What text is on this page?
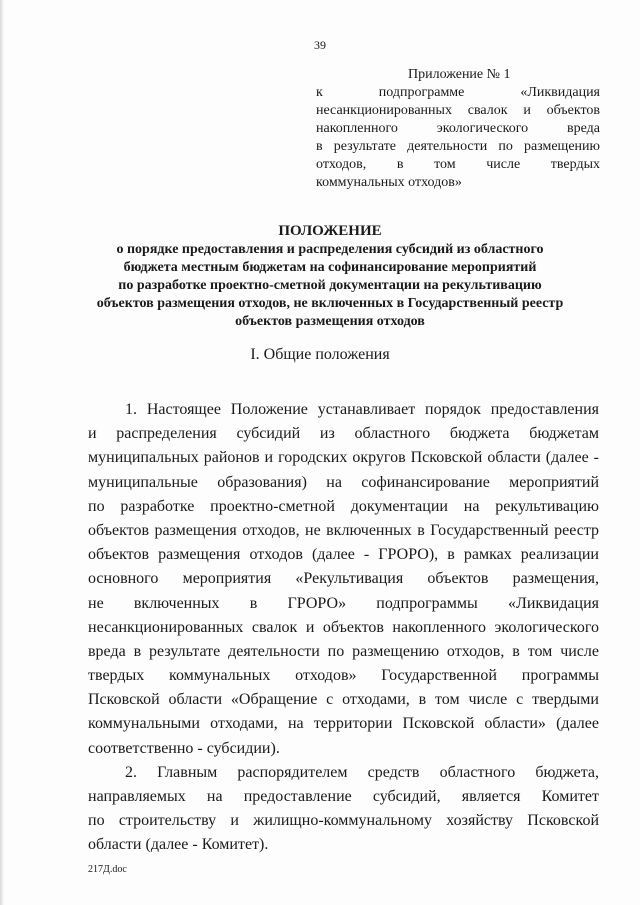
39
Приложение № 1
к подпрограмме «Ликвидация
несанкционированных свалок и объектов
накопленного экологического вреда
в результате деятельности по размещению
отходов, в том числе твердых
коммунальных отходов»
ПОЛОЖЕНИЕ
о порядке предоставления и распределения субсидий из областного
бюджета местным бюджетам на софинансирование мероприятий
по разработке проектно-сметной документации на рекультивацию
объектов размещения отходов, не включенных в Государственный реестр
объектов размещения отходов
I. Общие положения
1. Настоящее Положение устанавливает порядок предоставления
и распределения субсидий из областного бюджета бюджетам
муниципальных районов и городских округов Псковской области (далее -
муниципальные образования) на софинансирование мероприятий
по разработке проектно-сметной документации на рекультивацию
объектов размещения отходов, не включенных в Государственный реестр
объектов размещения отходов (далее - ГРОРО), в рамках реализации
основного мероприятия «Рекультивация объектов размещения,
не включенных в ГРОРО» подпрограммы «Ликвидация
несанкционированных свалок и объектов накопленного экологического
вреда в результате деятельности по размещению отходов, в том числе
твердых коммунальных отходов» Государственной программы
Псковской области «Обращение с отходами, в том числе с твердыми
коммунальными отходами, на территории Псковской области» (далее
соответственно - субсидии).
2. Главным распорядителем средств областного бюджета,
направляемых на предоставление субсидий, является Комитет
по строительству и жилищно-коммунальному хозяйству Псковской
области (далее - Комитет).
217Д.doc
